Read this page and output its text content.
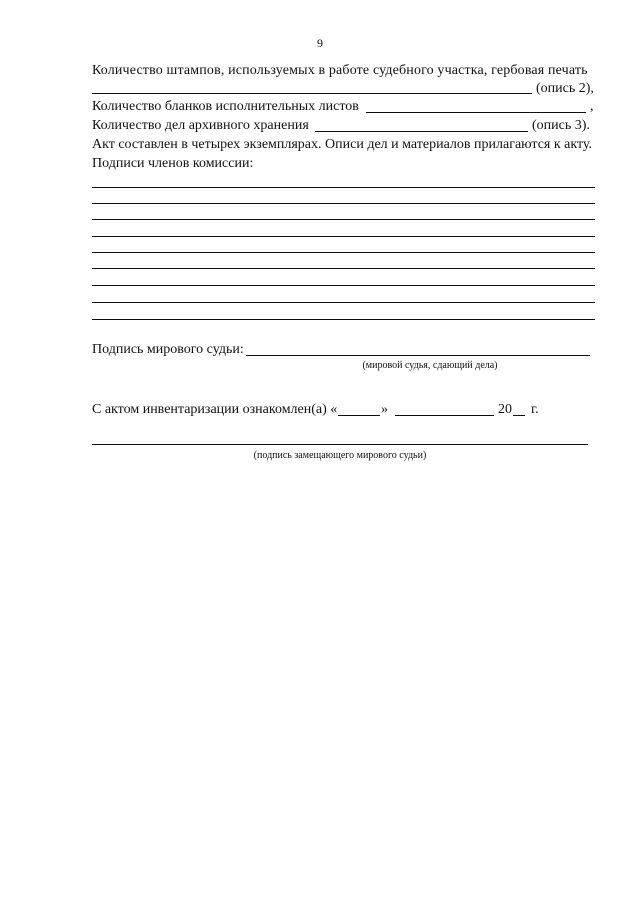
9
Количество штампов, используемых в работе судебного участка, гербовая печать
(опись 2),
Количество бланков исполнительных листов	,
Количество дел архивного хранения	(опись 3).
Акт составлен в четырех экземплярах. Описи дел и материалов прилагаются к акту.
Подписи членов комиссии:
Подпись мирового судьи:
(мировой судья, сдающий дела)
С актом инвентаризации ознакомлен(а) «	»	20 г.
(подпись замещающего мирового судьи)
